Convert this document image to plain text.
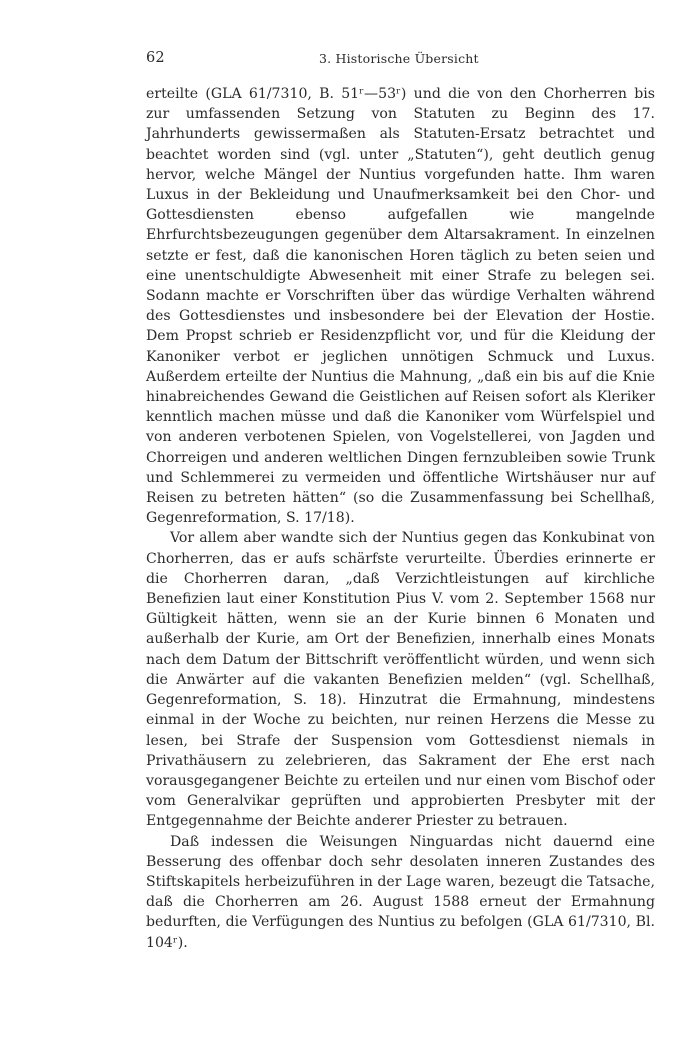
62	3. Historische Übersicht

erteilte (GLA 61/7310, B. 51ʳ—53ʳ) und die von den Chorherren bis zur umfassenden Setzung von Statuten zu Beginn des 17. Jahrhunderts gewissermaßen als Statuten-Ersatz betrachtet und beachtet worden sind (vgl. unter „Statuten“), geht deutlich genug hervor, welche Mängel der Nuntius vorgefunden hatte. Ihm waren Luxus in der Bekleidung und Unaufmerksamkeit bei den Chor- und Gottesdiensten ebenso aufgefallen wie mangelnde Ehrfurchtsbezeugungen gegenüber dem Altarsakrament. In einzelnen setzte er fest, daß die kanonischen Horen täglich zu beten seien und eine unentschuldigte Abwesenheit mit einer Strafe zu belegen sei. Sodann machte er Vorschriften über das würdige Verhalten während des Gottesdienstes und insbesondere bei der Elevation der Hostie. Dem Propst schrieb er Residenzpflicht vor, und für die Kleidung der Kanoniker verbot er jeglichen unnötigen Schmuck und Luxus. Außerdem erteilte der Nuntius die Mahnung, „daß ein bis auf die Knie hinabreichendes Gewand die Geistlichen auf Reisen sofort als Kleriker kenntlich machen müsse und daß die Kanoniker vom Würfelspiel und von anderen verbotenen Spielen, von Vogelstellerei, von Jagden und Chorreigen und anderen weltlichen Dingen fernzubleiben sowie Trunk und Schlemmerei zu vermeiden und öffentliche Wirtshäuser nur auf Reisen zu betreten hätten“ (so die Zusammenfassung bei Schellhaß, Gegenreformation, S. 17/18).

Vor allem aber wandte sich der Nuntius gegen das Konkubinat von Chorherren, das er aufs schärfste verurteilte. Überdies erinnerte er die Chorherren daran, „daß Verzichtleistungen auf kirchliche Benefizien laut einer Konstitution Pius V. vom 2. September 1568 nur Gültigkeit hätten, wenn sie an der Kurie binnen 6 Monaten und außerhalb der Kurie, am Ort der Benefizien, innerhalb eines Monats nach dem Datum der Bittschrift veröffentlicht würden, und wenn sich die Anwärter auf die vakanten Benefizien melden“ (vgl. Schellhaß, Gegenreformation, S. 18). Hinzutrat die Ermahnung, mindestens einmal in der Woche zu beichten, nur reinen Herzens die Messe zu lesen, bei Strafe der Suspension vom Gottesdienst niemals in Privathäusern zu zelebrieren, das Sakrament der Ehe erst nach vorausgegangener Beichte zu erteilen und nur einen vom Bischof oder vom Generalvikar geprüften und approbierten Presbyter mit der Entgegennahme der Beichte anderer Priester zu betrauen.

Daß indessen die Weisungen Ninguardas nicht dauernd eine Besserung des offenbar doch sehr desolaten inneren Zustandes des Stiftskapitels herbeizuführen in der Lage waren, bezeugt die Tatsache, daß die Chorherren am 26. August 1588 erneut der Ermahnung bedurften, die Verfügungen des Nuntius zu befolgen (GLA 61/7310, Bl. 104ʳ).
